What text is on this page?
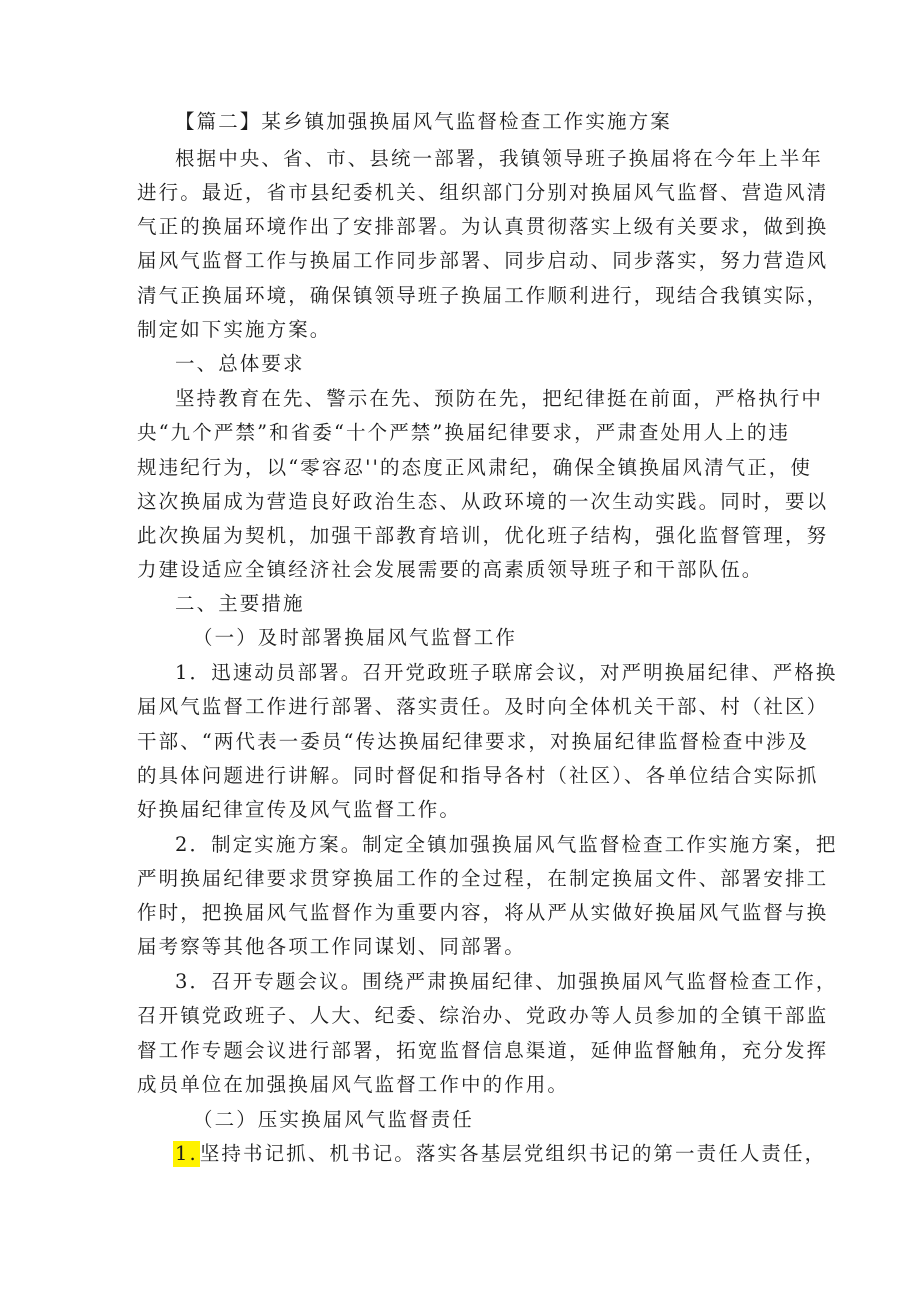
【篇二】某乡镇加强换届风气监督检查工作实施方案
根据中央、省、市、县统一部署，我镇领导班子换届将在今年上半年
进行。最近，省市县纪委机关、组织部门分别对换届风气监督、营造风清
气正的换届环境作出了安排部署。为认真贯彻落实上级有关要求，做到换
届风气监督工作与换届工作同步部署、同步启动、同步落实，努力营造风
清气正换届环境，确保镇领导班子换届工作顺利进行，现结合我镇实际，
制定如下实施方案。
一、总体要求
坚持教育在先、警示在先、预防在先，把纪律挺在前面，严格执行中
央“九个严禁”和省委“十个严禁”换届纪律要求，严肃查处用人上的违
规违纪行为，以“零容忍''的态度正风肃纪，确保全镇换届风清气正，使
这次换届成为营造良好政治生态、从政环境的一次生动实践。同时，要以
此次换届为契机，加强干部教育培训，优化班子结构，强化监督管理，努
力建设适应全镇经济社会发展需要的高素质领导班子和干部队伍。
二、主要措施
（一）及时部署换届风气监督工作
1．迅速动员部署。召开党政班子联席会议，对严明换届纪律、严格换
届风气监督工作进行部署、落实责任。及时向全体机关干部、村（社区）
干部、“两代表一委员“传达换届纪律要求，对换届纪律监督检查中涉及
的具体问题进行讲解。同时督促和指导各村（社区）、各单位结合实际抓
好换届纪律宣传及风气监督工作。
2．制定实施方案。制定全镇加强换届风气监督检查工作实施方案，把
严明换届纪律要求贯穿换届工作的全过程，在制定换届文件、部署安排工
作时，把换届风气监督作为重要内容，将从严从实做好换届风气监督与换
届考察等其他各项工作同谋划、同部署。
3．召开专题会议。围绕严肃换届纪律、加强换届风气监督检查工作，
召开镇党政班子、人大、纪委、综治办、党政办等人员参加的全镇干部监
督工作专题会议进行部署，拓宽监督信息渠道，延伸监督触角，充分发挥
成员单位在加强换届风气监督工作中的作用。
（二）压实换届风气监督责任
1. 坚持书记抓、机书记。落实各基层党组织书记的第一责任人责任，
